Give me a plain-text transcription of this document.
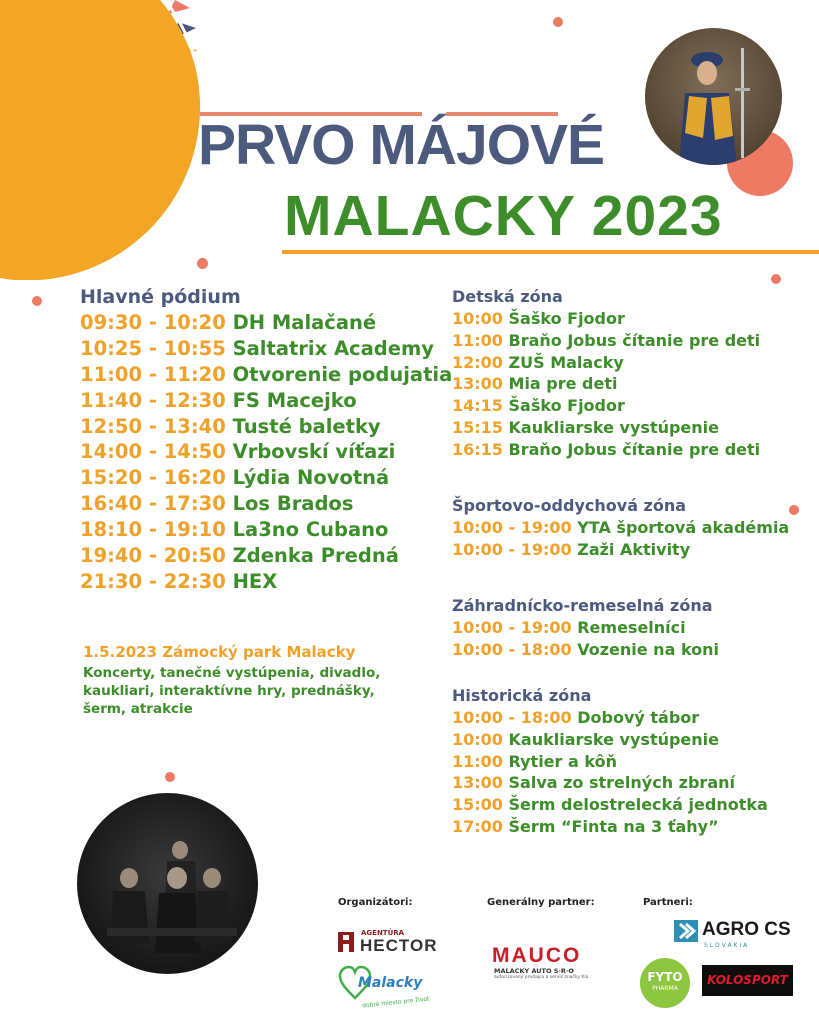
PRVO MÁJOVÉ
MALACKY 2023
Hlavné pódium
09:30 - 10:20 DH Malačané
10:25 - 10:55 Saltatrix Academy
11:00 - 11:20 Otvorenie podujatia
11:40 - 12:30 FS Macejko
12:50 - 13:40 Tusté baletky
14:00 - 14:50 Vrbovskí víťazi
15:20 - 16:20 Lýdia Novotná
16:40 - 17:30 Los Brados
18:10 - 19:10 La3no Cubano
19:40 - 20:50 Zdenka Predná
21:30 - 22:30 HEX
1.5.2023 Zámocký park Malacky
Koncerty, tanečné vystúpenia, divadlo, kaukliari, interaktívne hry, prednášky, šerm, atrakcie
Detská zóna
10:00 Šaško Fjodor
11:00 Braňo Jobus čítanie pre deti
12:00 ZUŠ Malacky
13:00 Mia pre deti
14:15 Šaško Fjodor
15:15 Kaukliarske vystúpenie
16:15 Braňo Jobus čítanie pre deti
Športovo-oddychová zóna
10:00 - 19:00 YTA športová akadémia
10:00 - 19:00 Zaži Aktivity
Záhradnícko-remeselná zóna
10:00 - 19:00 Remeselníci
10:00 - 18:00 Vozenie na koni
Historická zóna
10:00 - 18:00 Dobový tábor
10:00 Kaukliarske vystúpenie
11:00 Rytier a kôň
13:00 Salva zo strelných zbraní
15:00 Šerm delostrelecká jednotka
17:00 Šerm “Finta na 3 ťahy”
Organizátori:	Generálny partner:	Partneri:
AGENTÚRA
HECTOR
Malacky
dobré miesto pre život
MAUCO
MALACKY AUTO S·R·O
autorizovaný predajca a servis značky Kia
AGRO CS
S L O V A K I A
FYTO
PHARMA
KOLOSPORT
